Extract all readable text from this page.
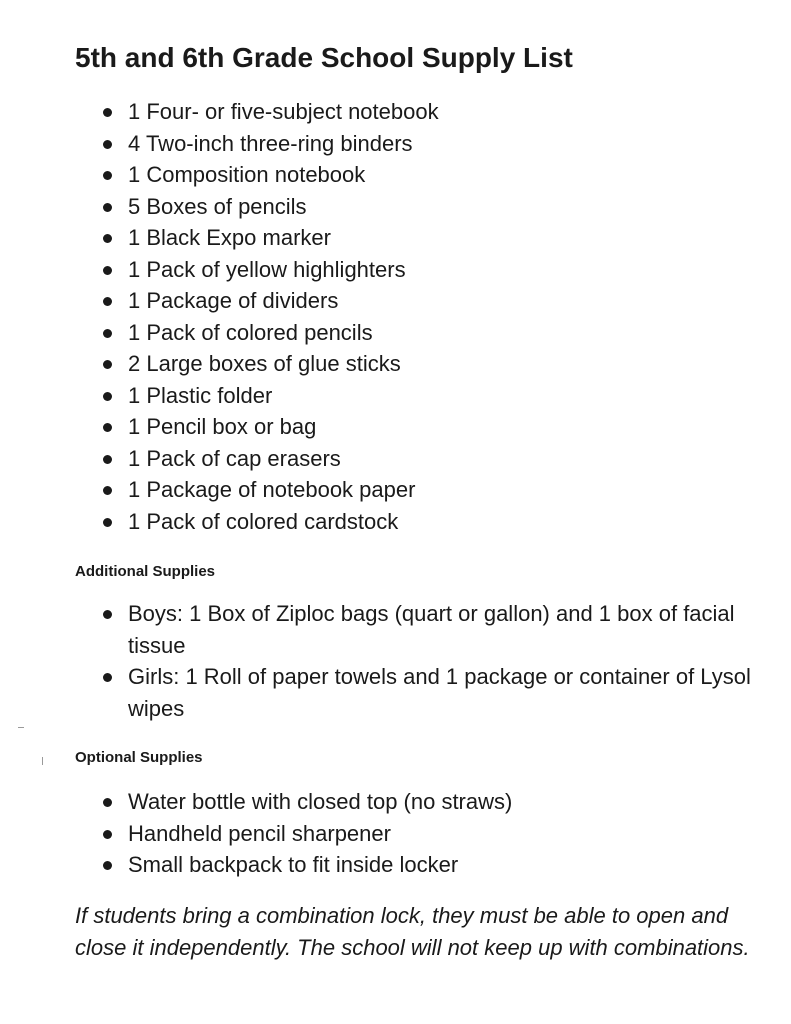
5th and 6th Grade School Supply List
1 Four- or five-subject notebook
4 Two-inch three-ring binders
1 Composition notebook
5 Boxes of pencils
1 Black Expo marker
1 Pack of yellow highlighters
1 Package of dividers
1 Pack of colored pencils
2 Large boxes of glue sticks
1 Plastic folder
1 Pencil box or bag
1 Pack of cap erasers
1 Package of notebook paper
1 Pack of colored cardstock
Additional Supplies
Boys: 1 Box of Ziploc bags (quart or gallon) and 1 box of facial tissue
Girls: 1 Roll of paper towels and 1 package or container of Lysol wipes
Optional Supplies
Water bottle with closed top (no straws)
Handheld pencil sharpener
Small backpack to fit inside locker

If students bring a combination lock, they must be able to open and close it independently. The school will not keep up with combinations.
